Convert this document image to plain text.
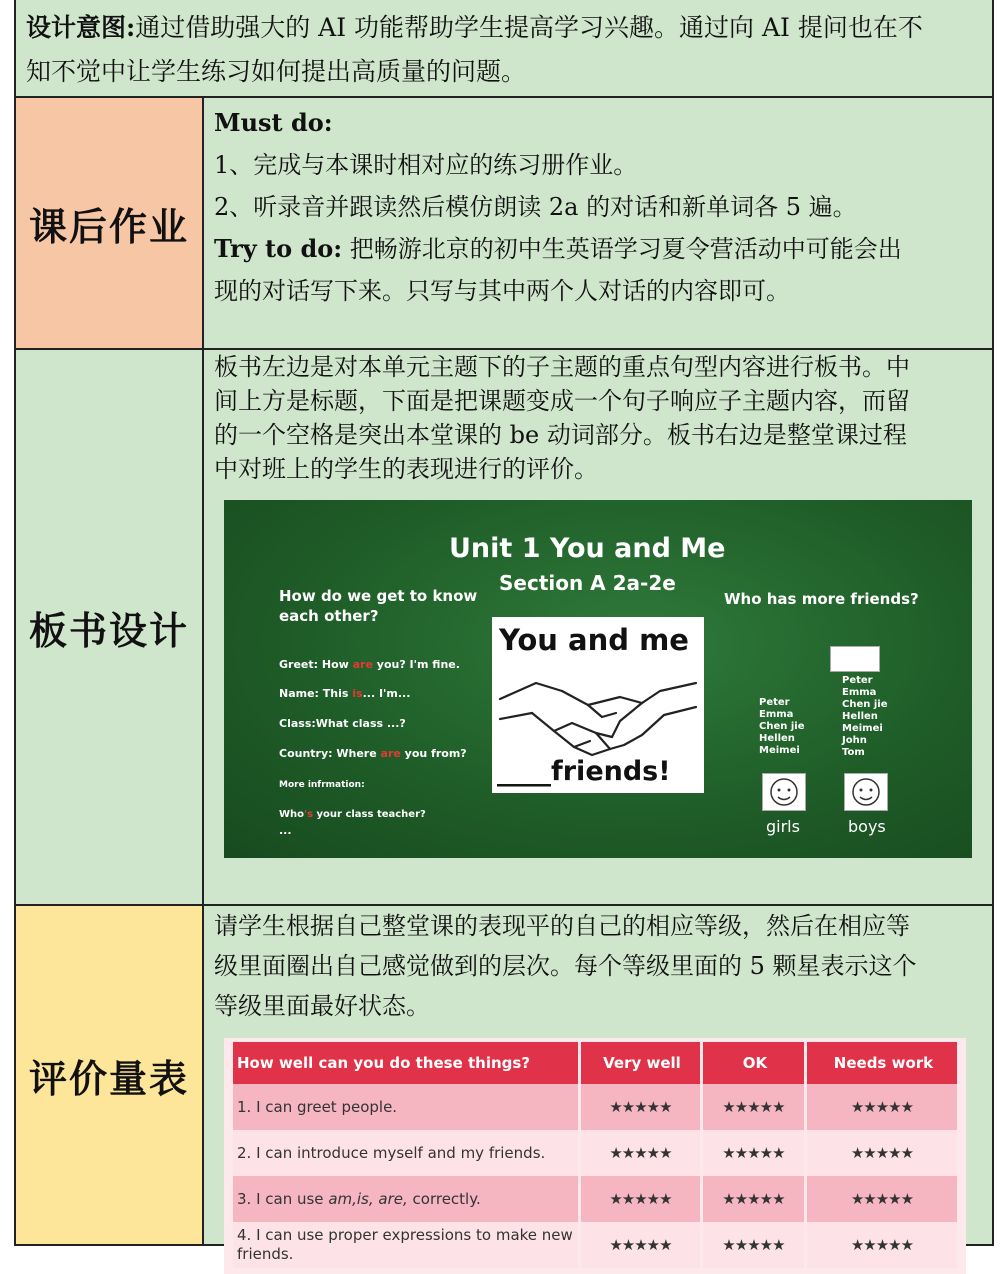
设计意图:通过借助强大的 AI 功能帮助学生提高学习兴趣。通过向 AI 提问也在不
知不觉中让学生练习如何提出高质量的问题。
课后作业
Must do:
1、完成与本课时相对应的练习册作业。
2、听录音并跟读然后模仿朗读 2a 的对话和新单词各 5 遍。
Try to do: 把畅游北京的初中生英语学习夏令营活动中可能会出
现的对话写下来。只写与其中两个人对话的内容即可。
板书设计
板书左边是对本单元主题下的子主题的重点句型内容进行板书。中
间上方是标题，下面是把课题变成一个句子响应子主题内容，而留
的一个空格是突出本堂课的 be 动词部分。板书右边是整堂课过程
中对班上的学生的表现进行的评价。
Unit 1 You and Me
Section A 2a-2e
How do we get to know each other?
Who has more friends?
Greet: How are you? I'm fine.
Name: This is... I'm...
Class:What class ...?
Country: Where are you from?
More infrmation:
Who's your class teacher?
...
You and me
____friends!
Peter
Emma
Chen jie
Hellen
Meimei
Peter
Emma
Chen jie
Hellen
Meimei
John
Tom
girls	boys
评价量表
请学生根据自己整堂课的表现平的自己的相应等级，然后在相应等
级里面圈出自己感觉做到的层次。每个等级里面的 5 颗星表示这个
等级里面最好状态。
How well can you do these things?	Very well	OK	Needs work
1. I can greet people.	★★★★★	★★★★★	★★★★★
2. I can introduce myself and my friends.	★★★★★	★★★★★	★★★★★
3. I can use am,is, are, correctly.	★★★★★	★★★★★	★★★★★
4. I can use proper expressions to make new friends.	★★★★★	★★★★★	★★★★★
